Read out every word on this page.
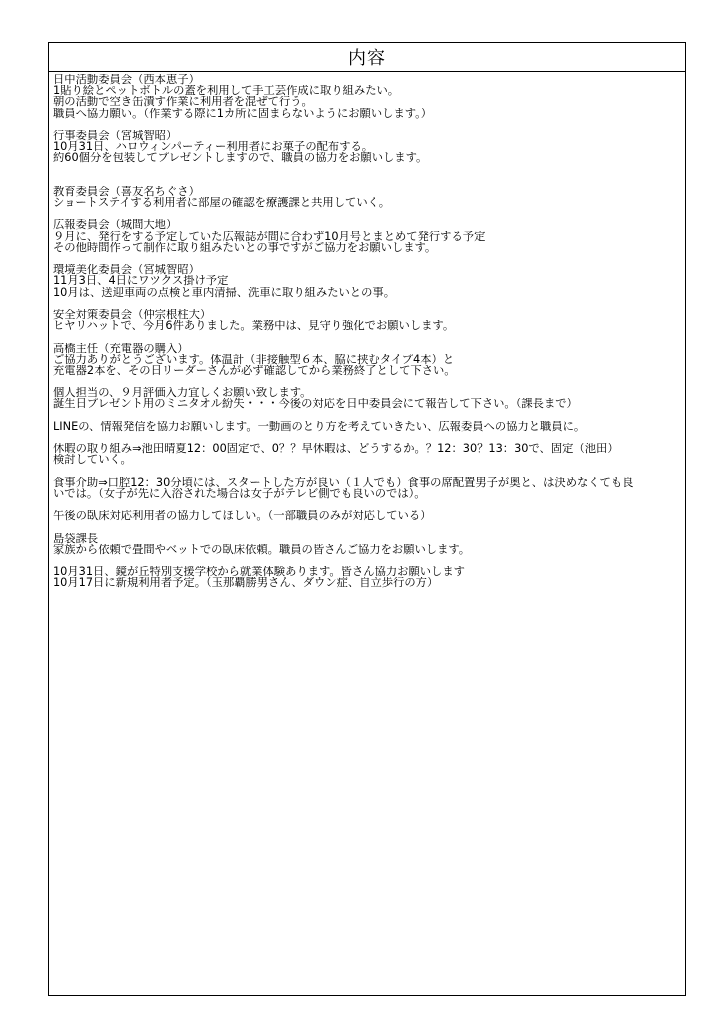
内容
日中活動委員会（西本恵子）
1貼り絵とペットボトルの蓋を利用して手工芸作成に取り組みたい。
朝の活動で空き缶潰す作業に利用者を混ぜて行う。
職員へ協力願い。（作業する際に1カ所に固まらないようにお願いします。）
行事委員会（宮城智昭）
10月31日、ハロウィンパーティー利用者にお菓子の配布する。
約60個分を包装してプレゼントしますので、職員の協力をお願いします。
教育委員会（喜友名ちぐさ）
ショートステイする利用者に部屋の確認を療護課と共用していく。
広報委員会（城間大地）
９月に、発行をする予定していた広報誌が間に合わず10月号とまとめて発行する予定
その他時間作って制作に取り組みたいとの事ですがご協力をお願いします。
環境美化委員会（宮城智昭）
11月3日、4日にワツクス掛け予定
10月は、送迎車両の点検と車内清掃、洗車に取り組みたいとの事。
安全対策委員会（仲宗根柱大）
ヒヤリハットで、今月6件ありました。業務中は、見守り強化でお願いします。
高橋主任（充電器の購入）
ご協力ありがとうございます。体温計（非接触型６本、脇に挟むタイプ4本）と
充電器2本を、その日リーダーさんが必ず確認してから業務終了として下さい。
個人担当の、９月評価入力宜しくお願い致します。
誕生日プレゼント用のミニタオル紛失・・・今後の対応を日中委員会にて報告して下さい。（課長まで）
LINEの、情報発信を協力お願いします。一動画のとり方を考えていきたい、広報委員への協力と職員に。
休暇の取り組み⇒池田晴夏12：00固定で、0？？早休暇は、どうするか。？12：30？13：30で、固定（池田）
検討していく。
食事介助⇒口腔12：30分頃には、スタートした方が良い（１人でも）食事の席配置男子が奥と、は決めなくても良
いでは。（女子が先に入浴された場合は女子がテレビ側でも良いのでは）。
午後の臥床対応利用者の協力してほしい。（一部職員のみが対応している）
島袋課長
家族から依頼で畳間やベットでの臥床依頼。職員の皆さんご協力をお願いします。
10月31日、鏡が丘特別支援学校から就業体験あります。皆さん協力お願いします
10月17日に新規利用者予定。（玉那覇勝男さん、ダウン症、自立歩行の方）
